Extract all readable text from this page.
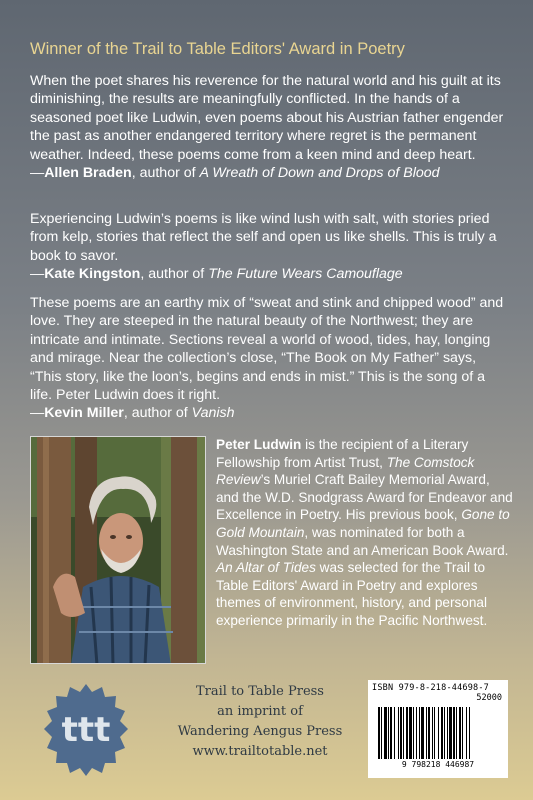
Winner of the Trail to Table Editors' Award in Poetry

When the poet shares his reverence for the natural world and his guilt at its diminishing, the results are meaningfully conflicted. In the hands of a seasoned poet like Ludwin, even poems about his Austrian father engender the past as another endangered territory where regret is the permanent weather. Indeed, these poems come from a keen mind and deep heart.

—Allen Braden, author of A Wreath of Down and Drops of Blood

Experiencing Ludwin’s poems is like wind lush with salt, with stories pried from kelp, stories that reflect the self and open us like shells. This is truly a book to savor.

—Kate Kingston, author of The Future Wears Camouflage

These poems are an earthy mix of “sweat and stink and chipped wood” and love. They are steeped in the natural beauty of the Northwest; they are intricate and intimate. Sections reveal a world of wood, tides, hay, longing and mirage. Near the collection’s close, “The Book on My Father” says, “This story, like the loon’s, begins and ends in mist.” This is the song of a life. Peter Ludwin does it right.

—Kevin Miller, author of Vanish
Peter Ludwin is the recipient of a Literary Fellowship from Artist Trust, The Comstock Review’s Muriel Craft Bailey Memorial Award, and the W.D. Snodgrass Award for Endeavor and Excellence in Poetry. His previous book, Gone to Gold Mountain, was nominated for both a Washington State and an American Book Award. An Altar of Tides was selected for the Trail to Table Editors' Award in Poetry and explores themes of environment, history, and personal experience primarily in the Pacific Northwest.
ttt
Trail to Table Press
an imprint of
Wandering Aengus Press
www.trailtotable.net
ISBN 979-8-218-44698-7
52000
9 798218 446987
